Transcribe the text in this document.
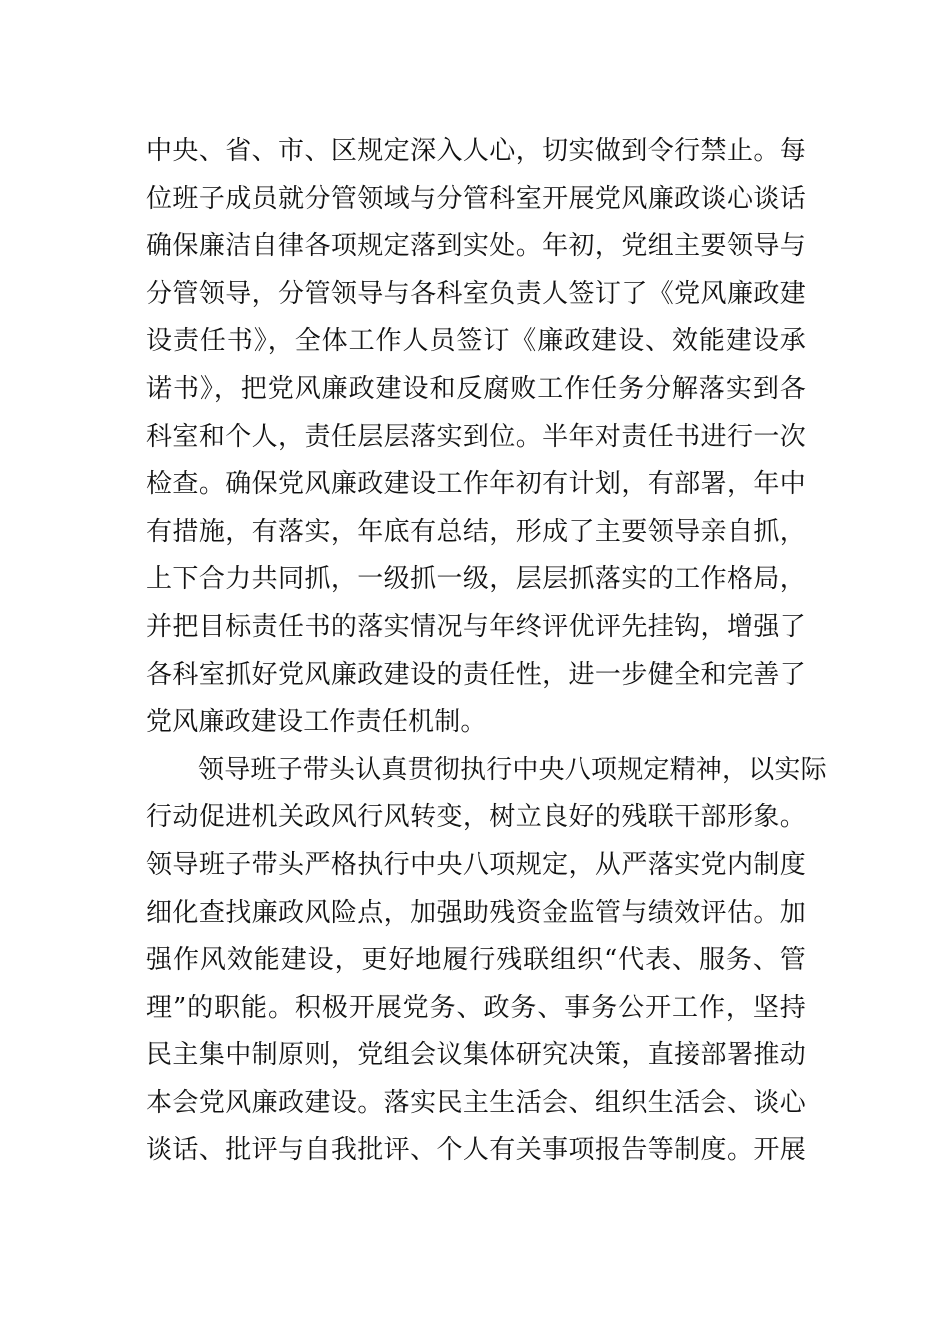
中央、省、市、区规定深入人心，切实做到令行禁止。每
位班子成员就分管领域与分管科室开展党风廉政谈心谈话
确保廉洁自律各项规定落到实处。年初，党组主要领导与
分管领导，分管领导与各科室负责人签订了《党风廉政建
设责任书》，全体工作人员签订《廉政建设、效能建设承
诺书》，把党风廉政建设和反腐败工作任务分解落实到各
科室和个人，责任层层落实到位。半年对责任书进行一次
检查。确保党风廉政建设工作年初有计划，有部署，年中
有措施，有落实，年底有总结，形成了主要领导亲自抓，
上下合力共同抓，一级抓一级，层层抓落实的工作格局，
并把目标责任书的落实情况与年终评优评先挂钩，增强了
各科室抓好党风廉政建设的责任性，进一步健全和完善了
党风廉政建设工作责任机制。
领导班子带头认真贯彻执行中央八项规定精神，以实际
行动促进机关政风行风转变，树立良好的残联干部形象。
领导班子带头严格执行中央八项规定，从严落实党内制度
细化查找廉政风险点，加强助残资金监管与绩效评估。加
强作风效能建设，更好地履行残联组织“代表、服务、管
理”的职能。积极开展党务、政务、事务公开工作，坚持
民主集中制原则，党组会议集体研究决策，直接部署推动
本会党风廉政建设。落实民主生活会、组织生活会、谈心
谈话、批评与自我批评、个人有关事项报告等制度。开展
